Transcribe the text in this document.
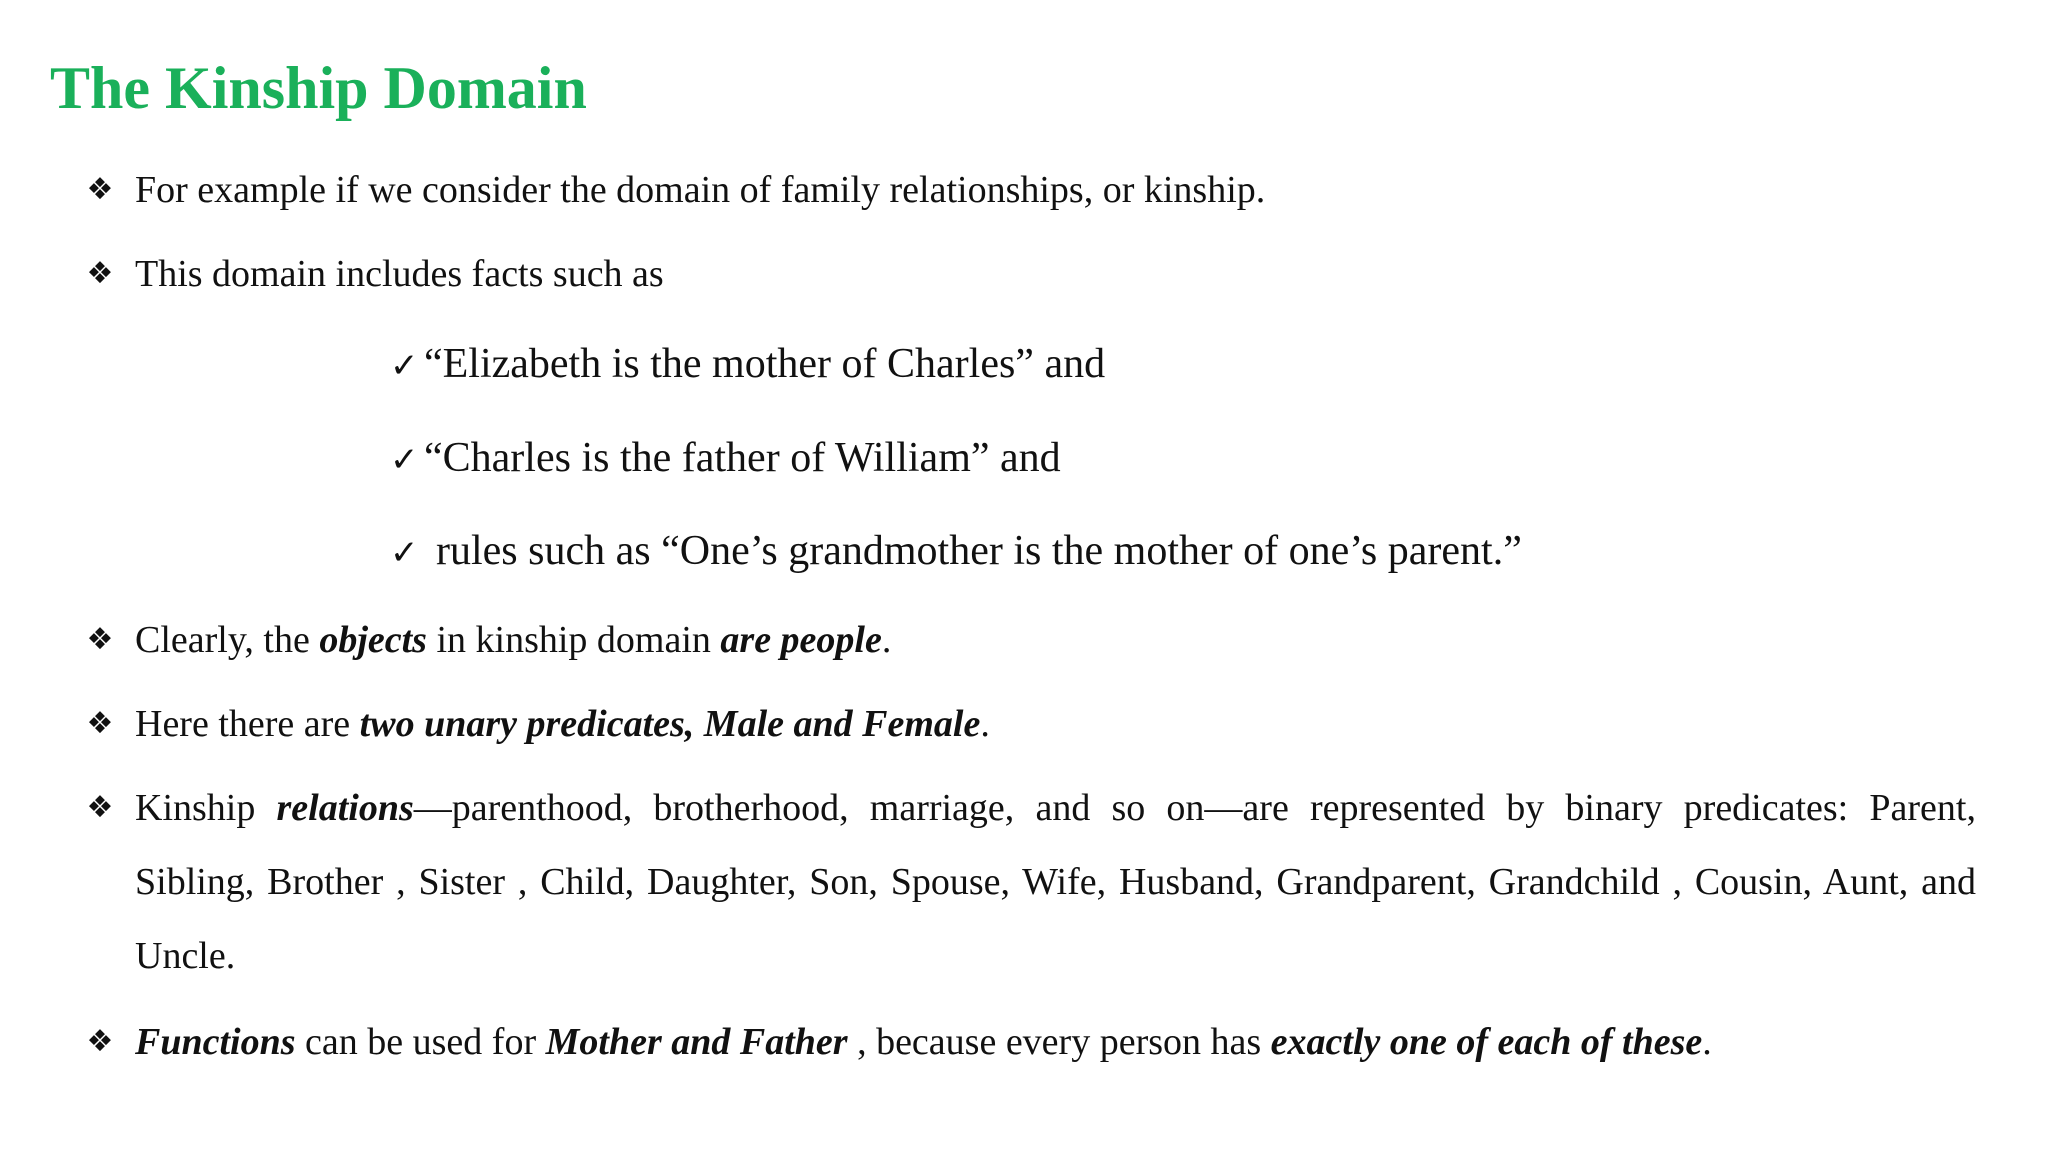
The Kinship Domain
❖ For example if we consider the domain of family relationships, or kinship.
❖ This domain includes facts such as
✓ “Elizabeth is the mother of Charles” and
✓ “Charles is the father of William” and
✓ rules such as “One’s grandmother is the mother of one’s parent.”
❖ Clearly, the objects in kinship domain are people.
❖ Here there are two unary predicates, Male and Female.
❖ Kinship relations—parenthood, brotherhood, marriage, and so on—are represented by binary predicates: Parent, Sibling, Brother , Sister , Child, Daughter, Son, Spouse, Wife, Husband, Grandparent, Grandchild , Cousin, Aunt, and Uncle.
❖ Functions can be used for Mother and Father , because every person has exactly one of each of these.
